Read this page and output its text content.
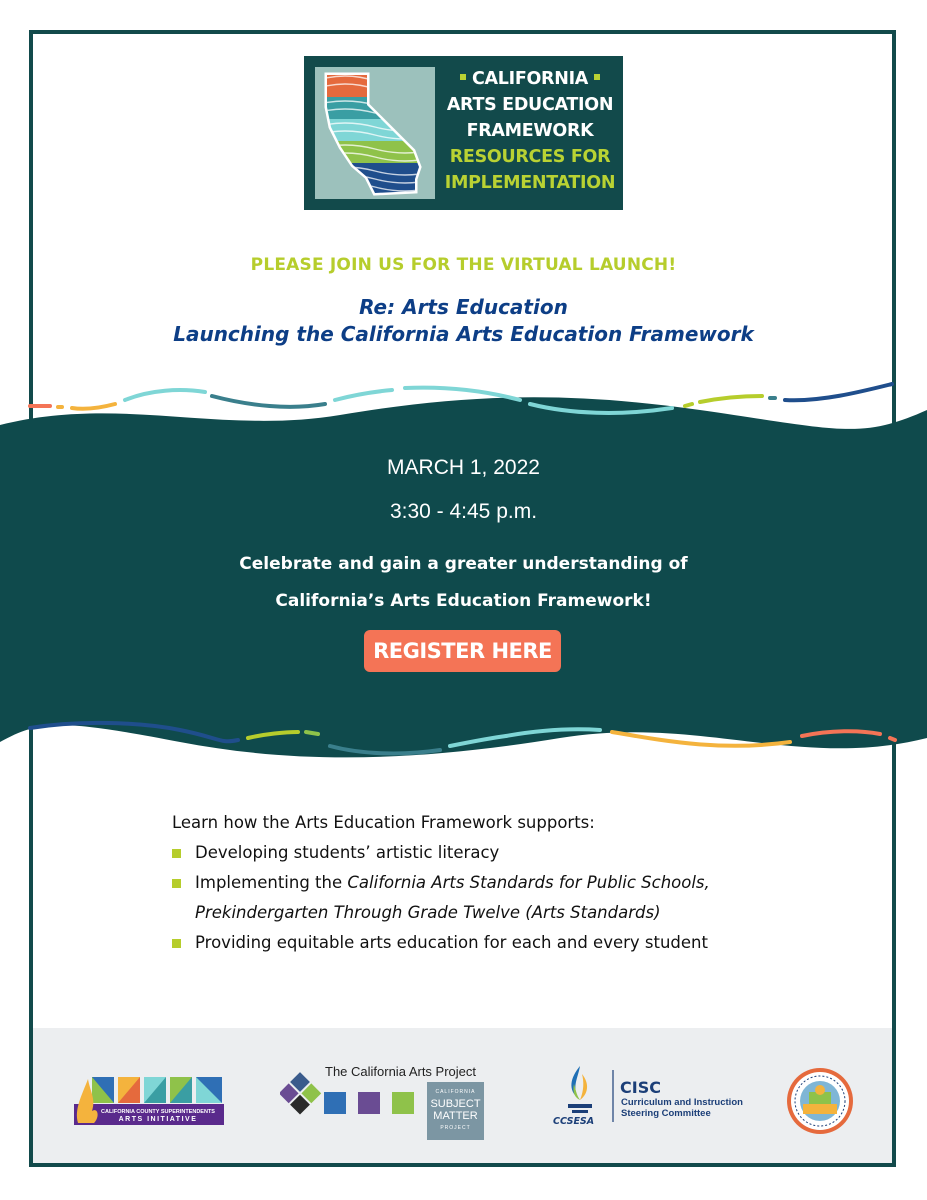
CALIFORNIA
ARTS EDUCATION
FRAMEWORK
RESOURCES FOR
IMPLEMENTATION
PLEASE JOIN US FOR THE VIRTUAL LAUNCH!
Re: Arts Education
Launching the California Arts Education Framework
MARCH 1, 2022
3:30 - 4:45 p.m.
Celebrate and gain a greater understanding of
California’s Arts Education Framework!
REGISTER HERE
Learn how the Arts Education Framework supports:
Developing students’ artistic literacy
Implementing the California Arts Standards for Public Schools,
Prekindergarten Through Grade Twelve (Arts Standards)
Providing equitable arts education for each and every student
CALIFORNIA COUNTY SUPERINTENDENTS
ARTS INITIATIVE
The California Arts Project
CALIFORNIA
SUBJECT
MATTER
PROJECT
CISC
Curriculum and Instruction
Steering Committee
CCSESA
